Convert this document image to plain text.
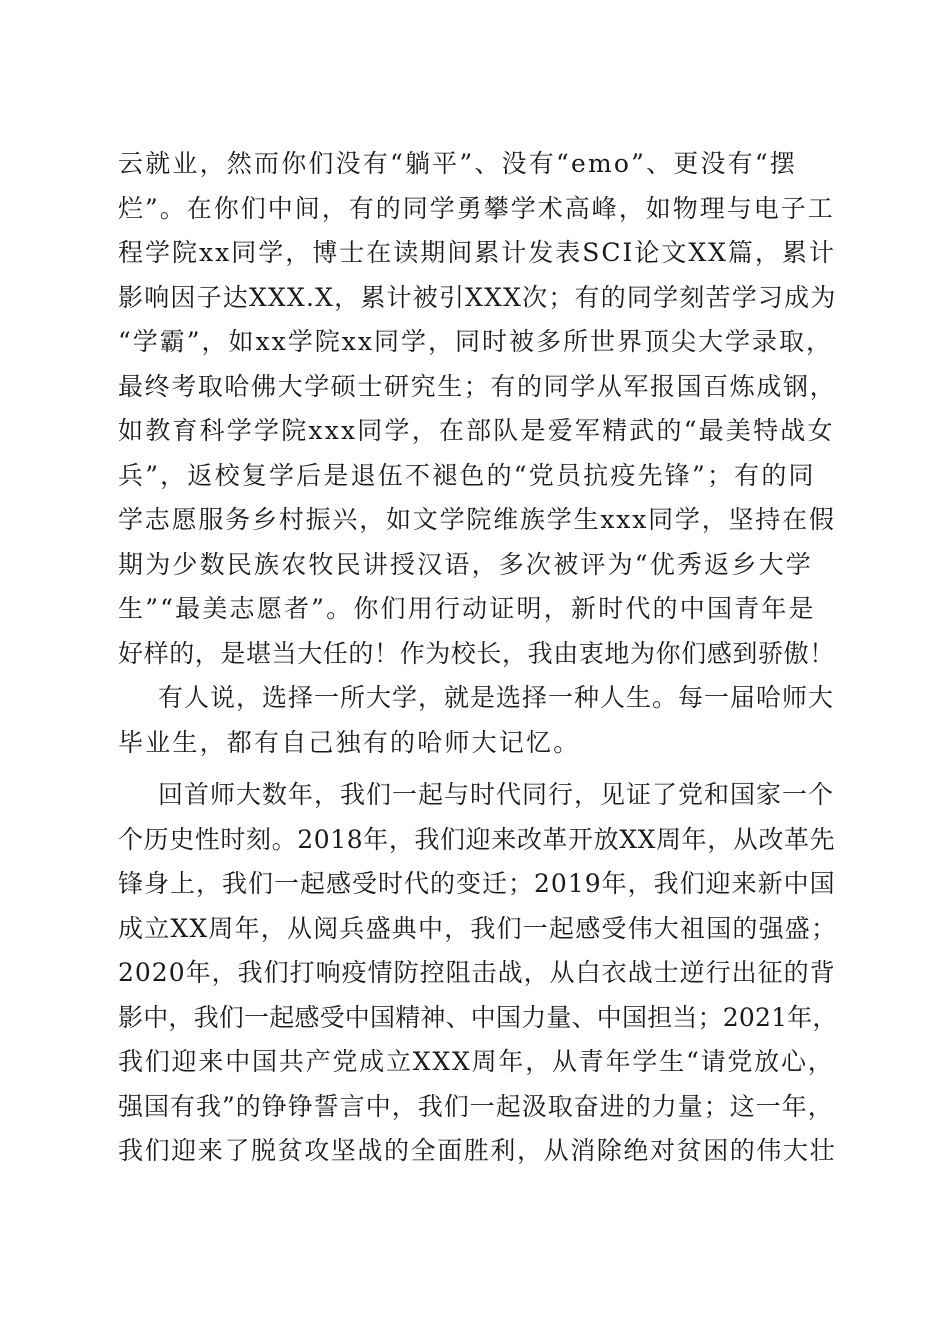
云就业，然而你们没有“躺平”、没有“emo”、更没有“摆
烂”。在你们中间，有的同学勇攀学术高峰，如物理与电子工
程学院xx同学，博士在读期间累计发表SCI论文XX篇，累计
影响因子达XXX.X，累计被引XXX次；有的同学刻苦学习成为
“学霸”，如xx学院xx同学，同时被多所世界顶尖大学录取，
最终考取哈佛大学硕士研究生；有的同学从军报国百炼成钢，
如教育科学学院xxx同学，在部队是爱军精武的“最美特战女
兵”，返校复学后是退伍不褪色的“党员抗疫先锋”；有的同
学志愿服务乡村振兴，如文学院维族学生xxx同学，坚持在假
期为少数民族农牧民讲授汉语，多次被评为“优秀返乡大学
生”“最美志愿者”。你们用行动证明，新时代的中国青年是
好样的，是堪当大任的！作为校长，我由衷地为你们感到骄傲！
有人说，选择一所大学，就是选择一种人生。每一届哈师大
毕业生，都有自己独有的哈师大记忆。
回首师大数年，我们一起与时代同行，见证了党和国家一个
个历史性时刻。2018年，我们迎来改革开放XX周年，从改革先
锋身上，我们一起感受时代的变迁；2019年，我们迎来新中国
成立XX周年，从阅兵盛典中，我们一起感受伟大祖国的强盛；
2020年，我们打响疫情防控阻击战，从白衣战士逆行出征的背
影中，我们一起感受中国精神、中国力量、中国担当；2021年，
我们迎来中国共产党成立XXX周年，从青年学生“请党放心，
强国有我”的铮铮誓言中，我们一起汲取奋进的力量；这一年，
我们迎来了脱贫攻坚战的全面胜利，从消除绝对贫困的伟大壮
